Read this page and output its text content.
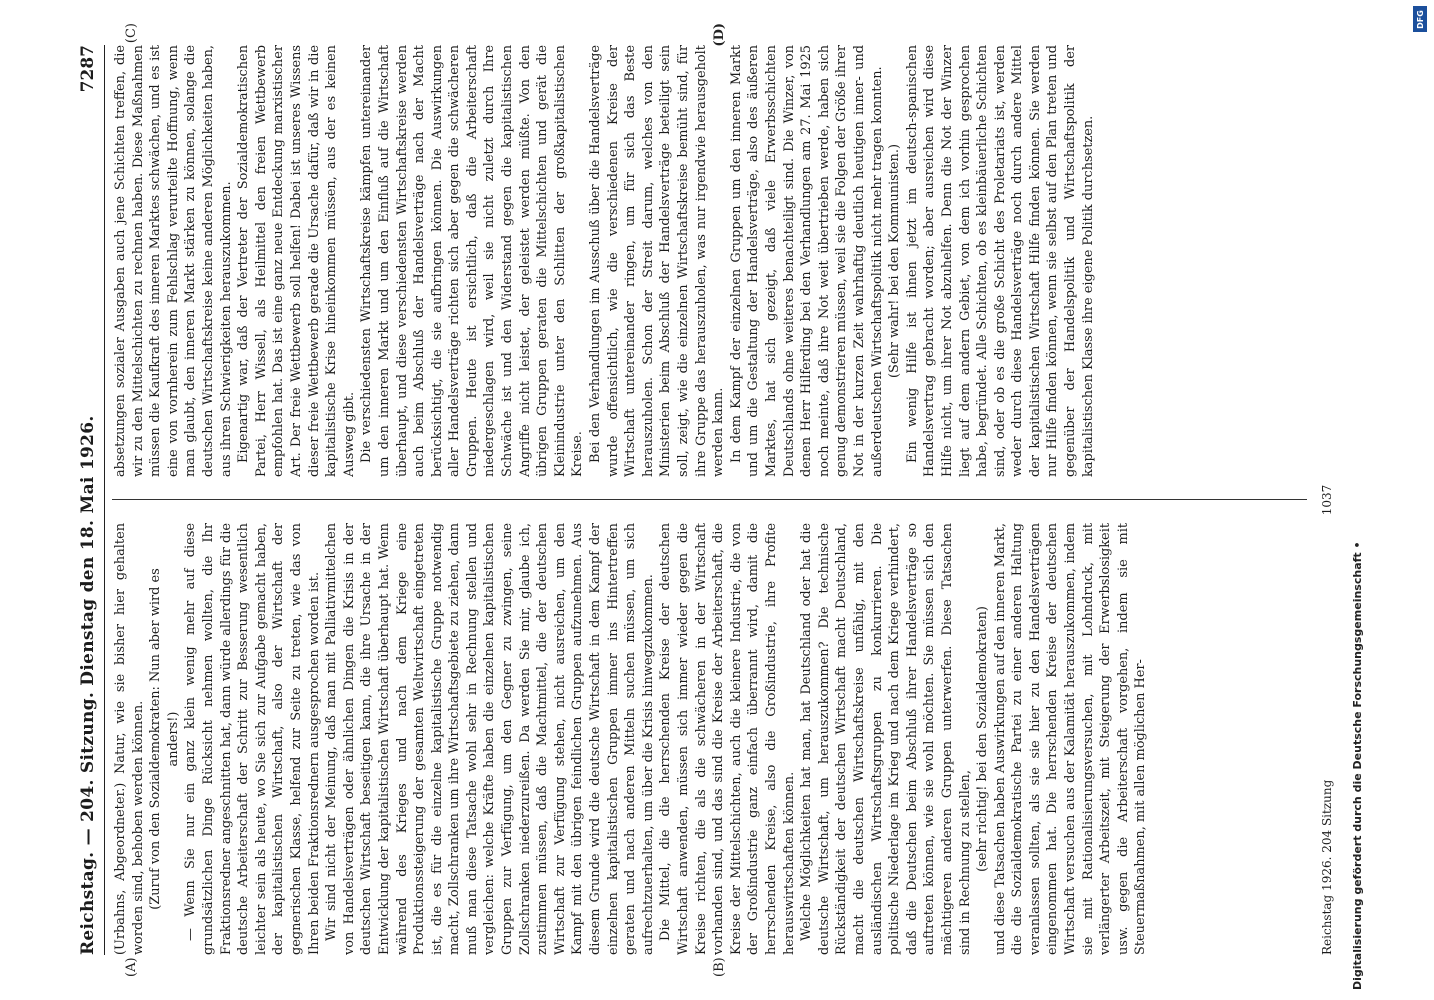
Reichstag. — 204. Sitzung. Dienstag den 18. Mai 1926.
7287

(Urbahns, Abgeordneter.) Natur, wie sie bisher hier gehalten worden sind, behoben werden können. (Zuruf von den Sozialdemokraten: Nun aber wird es anders!) — Wenn Sie nur ein ganz klein wenig mehr auf diese grundsätzlichen Dinge Rücksicht nehmen wollten, die Ihr Fraktionsredner angeschnitten hat, dann würde allerdings für die deutsche Arbeiterschaft der Schritt zur Besserung wesentlich leichter sein als heute, wo Sie sich zur Aufgabe gemacht haben, der kapitalistischen Wirtschaft, also der Wirtschaft der gegnerischen Klasse, helfend zur Seite zu treten, wie das von Ihren beiden Fraktionsrednern ausgesprochen worden ist. Wir sind nicht der Meinung, daß man mit Palliativmittelchen von Handelsverträgen oder ähnlichen Dingen die Krisis in der deutschen Wirtschaft beseitigen kann, die ihre Ursache in der Entwicklung der kapitalistischen Wirtschaft überhaupt hat. Wenn während des Krieges und nach dem Kriege eine Produktionssteigerung der gesamten Weltwirtschaft eingetreten ist, die es für die einzelne kapitalistische Gruppe notwendig macht, Zollschranken um ihre Wirtschaftsgebiete zu ziehen, dann muß man diese Tatsache wohl sehr in Rechnung stellen und vergleichen: welche Kräfte haben die einzelnen kapitalistischen Gruppen zur Verfügung, um den Gegner zu zwingen, seine Zollschranken niederzureißen. Da werden Sie mir, glaube ich, zustimmen müssen, daß die Machtmittel, die der deutschen Wirtschaft zur Verfügung stehen, nicht ausreichen, um den Kampf mit den übrigen feindlichen Gruppen aufzunehmen. Aus diesem Grunde wird die deutsche Wirtschaft in dem Kampf der einzelnen kapitalistischen Gruppen immer ins Hintertreffen geraten und nach anderen Mitteln suchen müssen, um sich aufrechtzuerhalten, um über die Krisis hinwegzukommen. Die Mittel, die die herrschenden Kreise der deutschen Wirtschaft anwenden, müssen sich immer wieder gegen die Kreise richten, die als die schwächeren in der Wirtschaft vorhanden sind, und das sind die Kreise der Arbeiterschaft, die Kreise der Mittelschichten, auch die kleinere Industrie, die von der Großindustrie ganz einfach überrannt wird, damit die herrschenden Kreise, also die Großindustrie, ihre Profite herauswirtschaften können. Welche Möglichkeiten hat man, hat Deutschland oder hat die deutsche Wirtschaft, um herauszukommen? Die technische Rückständigkeit der deutschen Wirtschaft macht Deutschland, macht die deutschen Wirtschaftskreise unfähig, mit den ausländischen Wirtschaftsgruppen zu konkurrieren. Die politische Niederlage im Krieg und nach dem Kriege verhindert, daß die Deutschen beim Abschluß ihrer Handelsverträge so auftreten können, wie sie wohl möchten. Sie müssen sich den mächtigeren anderen Gruppen unterwerfen. Diese Tatsachen sind in Rechnung zu stellen, (sehr richtig! bei den Sozialdemokraten) und diese Tatsachen haben Auswirkungen auf den inneren Markt, die die Sozialdemokratische Partei zu einer anderen Haltung veranlassen sollten, als sie sie hier zu den Handelsverträgen eingenommen hat. Die herrschenden Kreise der deutschen Wirtschaft versuchen aus der Kalamität herauszukommen, indem sie mit Rationalisierungsversuchen, mit Lohndruck, mit verlängerter Arbeitszeit, mit Steigerung der Erwerbslosigkeit usw. gegen die Arbeiterschaft vorgehen, indem sie mit Steuermaßnahmen, mit allen möglichen Her-

absetzungen sozialer Ausgaben auch jene Schichten treffen, die wir zu den Mittelschichten zu rechnen haben. Diese Maßnahmen müssen die Kaufkraft des inneren Marktes schwächen, und es ist eine von vornherein zum Fehlschlag verurteilte Hoffnung, wenn man glaubt, den inneren Markt stärken zu können, solange die deutschen Wirtschaftskreise keine anderen Möglichkeiten haben, aus ihren Schwierigkeiten herauszukommen. Eigenartig war, daß der Vertreter der Sozialdemokratischen Partei, Herr Wissell, als Heilmittel den freien Wettbewerb empfohlen hat. Das ist eine ganz neue Entdeckung marxistischer Art. Der freie Wettbewerb soll helfen! Dabei ist unseres Wissens dieser freie Wettbewerb gerade die Ursache dafür, daß wir in die kapitalistische Krise hineinkommen müssen, aus der es keinen Ausweg gibt. Die verschiedensten Wirtschaftskreise kämpfen untereinander um den inneren Markt und um den Einfluß auf die Wirtschaft überhaupt, und diese verschiedensten Wirtschaftskreise werden auch beim Abschluß der Handelsverträge nach der Macht berücksichtigt, die sie aufbringen können. Die Auswirkungen aller Handelsverträge richten sich aber gegen die schwächeren Gruppen. Heute ist ersichtlich, daß die Arbeiterschaft niedergeschlagen wird, weil sie nicht zuletzt durch Ihre Schwäche ist und den Widerstand gegen die kapitalistischen Angriffe nicht leistet, der geleistet werden müßte. Von den übrigen Gruppen geraten die Mittelschichten und gerät die Kleinindustrie unter den Schlitten der großkapitalistischen Kreise. Bei den Verhandlungen im Ausschuß über die Handelsverträge wurde offensichtlich, wie die verschiedenen Kreise der Wirtschaft untereinander ringen, um für sich das Beste herauszuholen. Schon der Streit darum, welches von den Ministerien beim Abschluß der Handelsverträge beteiligt sein soll, zeigt, wie die einzelnen Wirtschaftskreise bemüht sind, für ihre Gruppe das herauszuholen, was nur irgendwie herausgeholt werden kann. In dem Kampf der einzelnen Gruppen um den inneren Markt und um die Gestaltung der Handelsverträge, also des äußeren Marktes, hat sich gezeigt, daß viele Erwerbsschichten Deutschlands ohne weiteres benachteiligt sind. Die Winzer, von denen Herr Hilferding bei den Verhandlungen am 27. Mai 1925 noch meinte, daß ihre Not weit übertrieben werde, haben sich genug demonstrieren müssen, weil sie die Folgen der Größe ihrer Not in der kurzen Zeit wahrhaftig deutlich heutigen inner- und außerdeutschen Wirtschaftspolitik nicht mehr tragen konnten. (Sehr wahr! bei den Kommunisten.) Ein wenig Hilfe ist ihnen jetzt im deutsch-spanischen Handelsvertrag gebracht worden; aber ausreichen wird diese Hilfe nicht, um ihrer Not abzuhelfen. Denn die Not der Winzer liegt auf dem andern Gebiet, von dem ich vorhin gesprochen habe, begründet. Alle Schichten, ob es kleinbäuerliche Schichten sind, oder ob es die große Schicht des Proletariats ist, werden weder durch diese Handelsverträge noch durch andere Mittel der kapitalistischen Wirtschaft Hilfe finden können. Sie werden nur Hilfe finden können, wenn sie selbst auf den Plan treten und gegenüber der Handelspolitik und Wirtschaftspolitik der kapitalistischen Klasse ihre eigene Politik durchsetzen.

(A)	(B)
(C)	(D)
Reichstag 1926. 204 Sitzung
1037
Digitalisierung gefördert durch die Deutsche Forschungsgemeinschaft •
DFG
